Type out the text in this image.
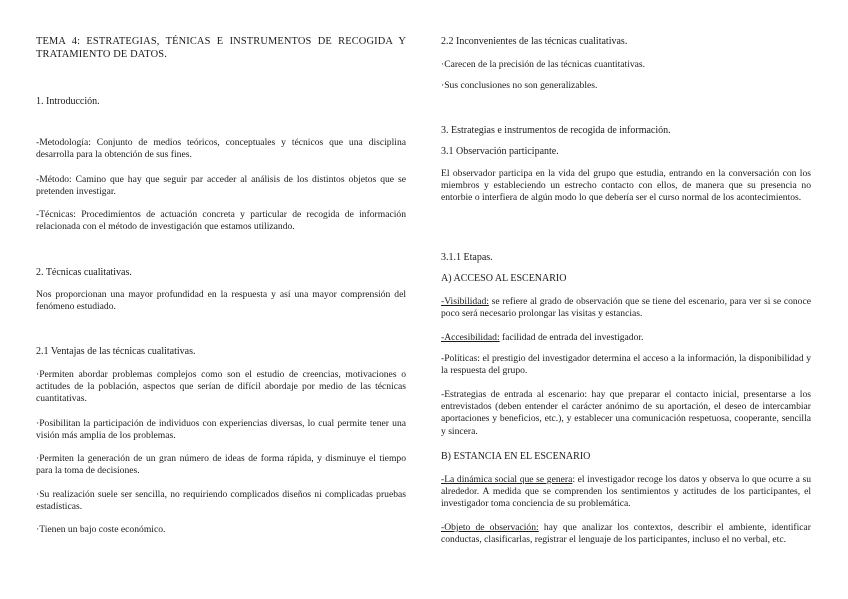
TEMA 4: ESTRATEGIAS, TÉNICAS E INSTRUMENTOS DE RECOGIDA Y TRATAMIENTO DE DATOS.

1. Introducción.

-Metodología: Conjunto de medios teóricos, conceptuales y técnicos que una disciplina desarrolla para la obtención de sus fines.

-Método: Camino que hay que seguir par acceder al análisis de los distintos objetos que se pretenden investigar.

-Técnicas: Procedimientos de actuación concreta y particular de recogida de información relacionada con el método de investigación que estamos utilizando.

2. Técnicas cualitativas.

Nos proporcionan una mayor profundidad en la respuesta y así una mayor comprensión del fenómeno estudiado.

2.1 Ventajas de las técnicas cualitativas.

·Permiten abordar problemas complejos como son el estudio de creencias, motivaciones o actitudes de la población, aspectos que serían de difícil abordaje por medio de las técnicas cuantitativas.

·Posibilitan la participación de individuos con experiencias diversas, lo cual permite tener una visión más amplia de los problemas.

·Permiten la generación de un gran número de ideas de forma rápida, y disminuye el tiempo para la toma de decisiones.

·Su realización suele ser sencilla, no requiriendo complicados diseños ni complicadas pruebas estadísticas.

·Tienen un bajo coste económico.

2.2 Inconvenientes de las técnicas cualitativas.

·Carecen de la precisión de las técnicas cuantitativas.

·Sus conclusiones no son generalizables.

3. Estrategias e instrumentos de recogida de información.

3.1 Observación participante.

El observador participa en la vida del grupo que estudia, entrando en la conversación con los miembros y estableciendo un estrecho contacto con ellos, de manera que su presencia no entorbie o interfiera de algún modo lo que debería ser el curso normal de los acontecimientos.

3.1.1 Etapas.

A) ACCESO AL ESCENARIO

-Visibilidad: se refiere al grado de observación que se tiene del escenario, para ver si se conoce poco será necesario prolongar las visitas y estancias.

-Accesibilidad: facilidad de entrada del investigador.

-Políticas: el prestigio del investigador determina el acceso a la información, la disponibilidad y la respuesta del grupo.

-Estrategias de entrada al escenario: hay que preparar el contacto inicial, presentarse a los entrevistados (deben entender el carácter anónimo de su aportación, el deseo de intercambiar aportaciones y beneficios, etc.), y establecer una comunicación respetuosa, cooperante, sencilla y sincera.

B) ESTANCIA EN EL ESCENARIO

-La dinámica social que se genera: el investigador recoge los datos y observa lo que ocurre a su alrededor. A medida que se comprenden los sentimientos y actitudes de los participantes, el investigador toma conciencia de su problemática.

-Objeto de observación: hay que analizar los contextos, describir el ambiente, identificar conductas, clasificarlas, registrar el lenguaje de los participantes, incluso el no verbal, etc.
